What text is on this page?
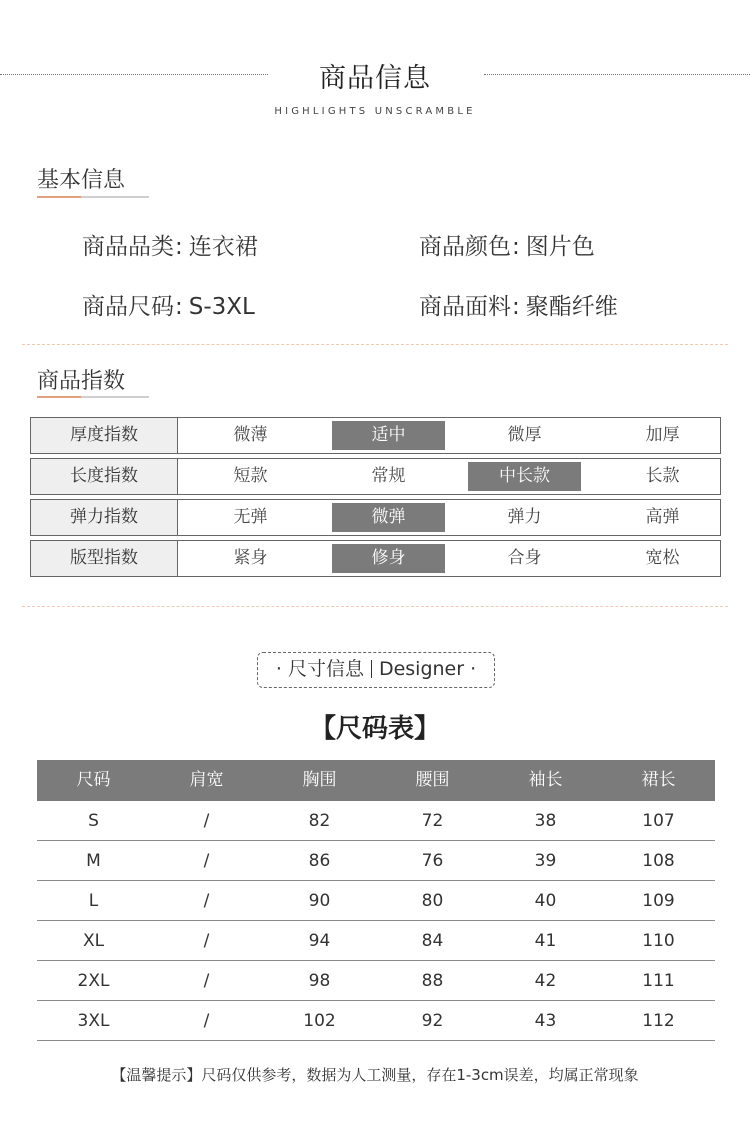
商品信息
HIGHLIGHTS UNSCRAMBLE
基本信息
商品品类: 连衣裙	商品颜色: 图片色
商品尺码: S-3XL	商品面料: 聚酯纤维
商品指数
厚度指数	微薄	适中	微厚	加厚
长度指数	短款	常规	中长款	长款
弹力指数	无弹	微弹	弹力	高弹
版型指数	紧身	修身	合身	宽松
· 尺寸信息 Designer ·
【尺码表】
尺码	肩宽	胸围	腰围	袖长	裙长
S	/	82	72	38	107
M	/	86	76	39	108
L	/	90	80	40	109
XL	/	94	84	41	110
2XL	/	98	88	42	111
3XL	/	102	92	43	112
【温馨提示】尺码仅供参考，数据为人工测量，存在1-3cm误差，均属正常现象
